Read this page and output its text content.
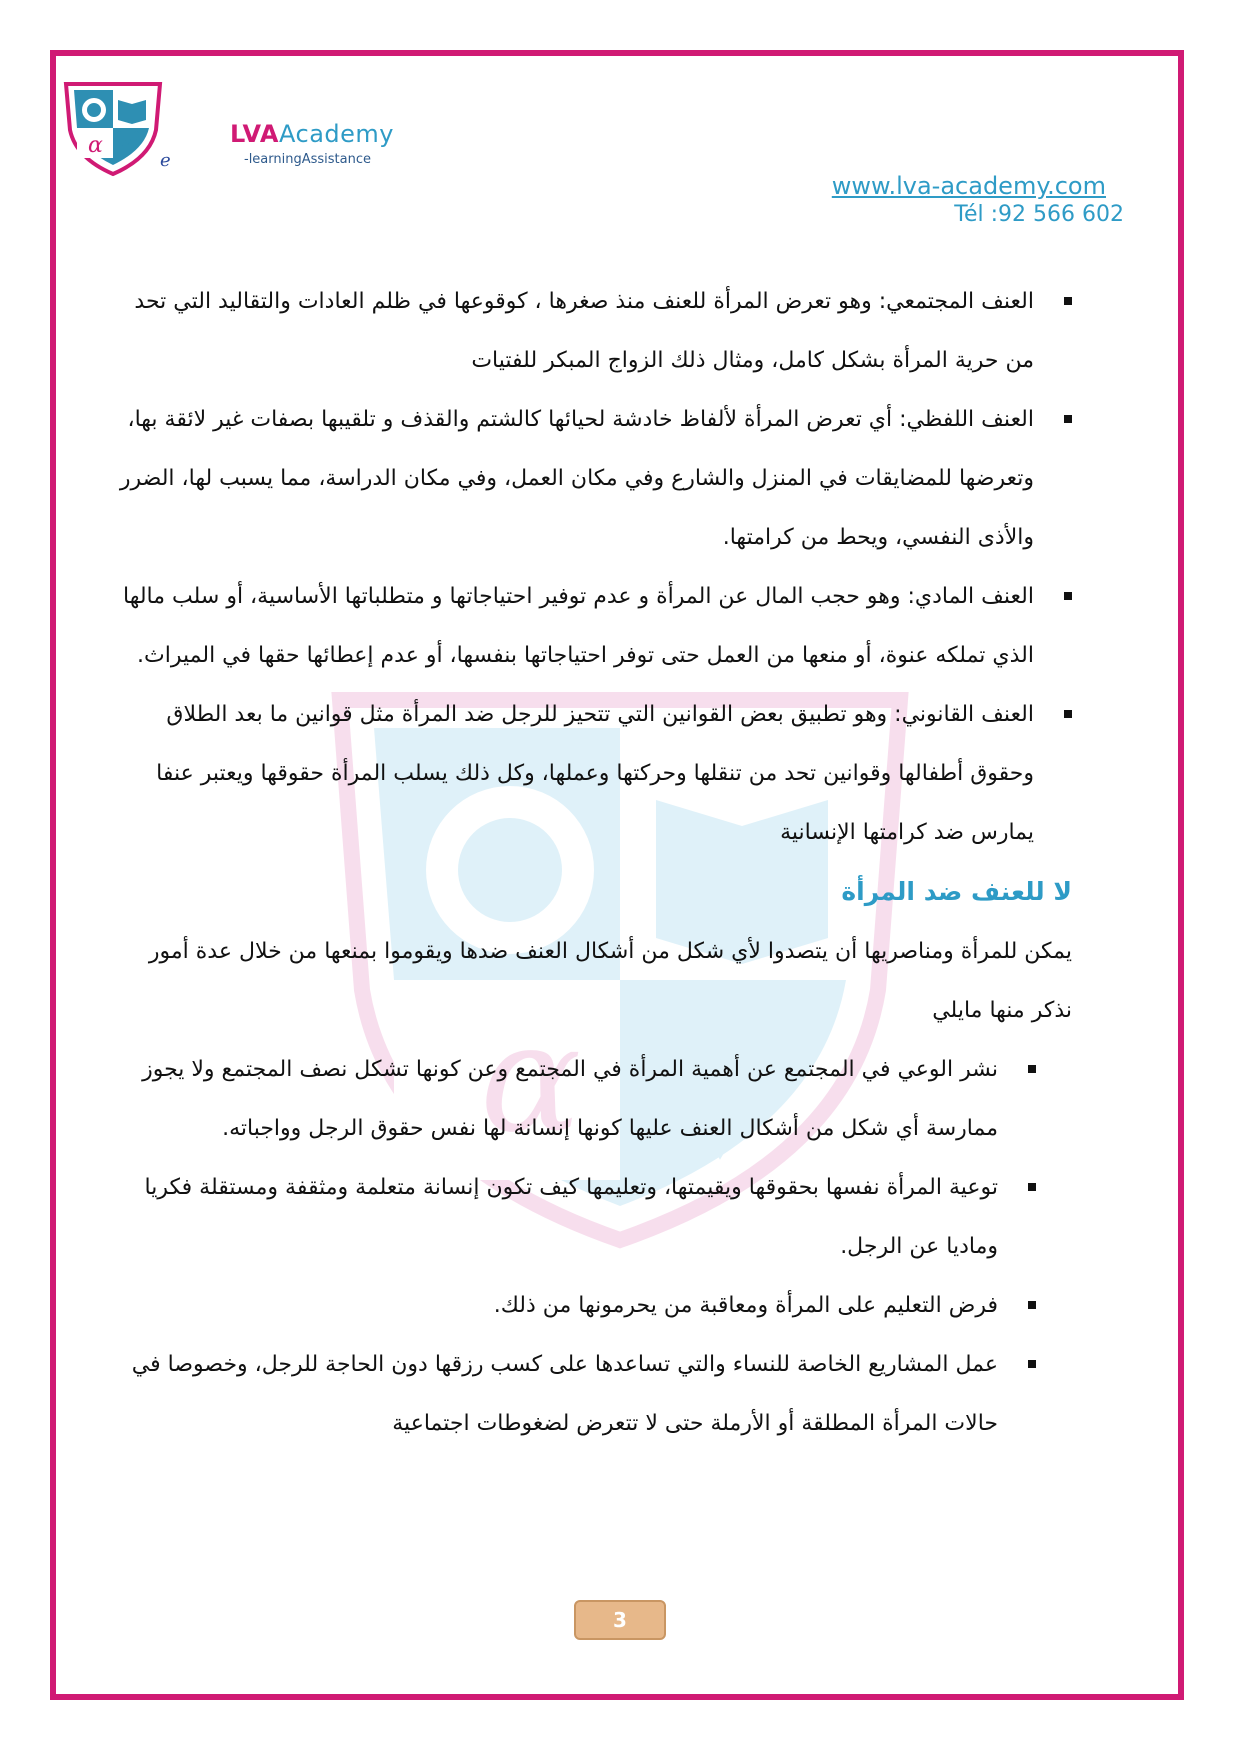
α
e
LVAAcademy
-learningAssistance
www.lva-academy.com
Tél :92 566 602
α
العنف المجتمعي: وهو تعرض المرأة للعنف منذ صغرها ، كوقوعها في ظلم العادات والتقاليد التي تحد من حرية المرأة بشكل كامل، ومثال ذلك الزواج المبكر للفتيات
العنف اللفظي: أي تعرض المرأة لألفاظ خادشة لحيائها كالشتم والقذف و تلقيبها بصفات غير لائقة بها، وتعرضها للمضايقات في المنزل والشارع وفي مكان العمل، وفي مكان الدراسة، مما يسبب لها، الضرر والأذى النفسي، ويحط من كرامتها.
العنف المادي: وهو حجب المال عن المرأة و عدم توفير احتياجاتها و متطلباتها الأساسية، أو سلب مالها الذي تملكه عنوة، أو منعها من العمل حتى توفر احتياجاتها بنفسها، أو عدم إعطائها حقها في الميراث.
العنف القانوني: وهو تطبيق بعض القوانين التي تتحيز للرجل ضد المرأة مثل قوانين ما بعد الطلاق وحقوق أطفالها وقوانين تحد من تنقلها وحركتها وعملها، وكل ذلك يسلب المرأة حقوقها ويعتبر عنفا يمارس ضد كرامتها الإنسانية
لا للعنف ضد المرأة

يمكن للمرأة ومناصريها أن يتصدوا لأي شكل من أشكال العنف ضدها ويقوموا بمنعها من خلال عدة أمور نذكر منها مايلي

نشر الوعي في المجتمع عن أهمية المرأة في المجتمع وعن كونها تشكل نصف المجتمع ولا يجوز ممارسة أي شكل من أشكال العنف عليها كونها إنسانة لها نفس حقوق الرجل وواجباته.
توعية المرأة نفسها بحقوقها ويقيمتها، وتعليمها كيف تكون إنسانة متعلمة ومثقفة ومستقلة فكريا وماديا عن الرجل.
فرض التعليم على المرأة ومعاقبة من يحرمونها من ذلك.
عمل المشاريع الخاصة للنساء والتي تساعدها على كسب رزقها دون الحاجة للرجل، وخصوصا في حالات المرأة المطلقة أو الأرملة حتى لا تتعرض لضغوطات اجتماعية
3
